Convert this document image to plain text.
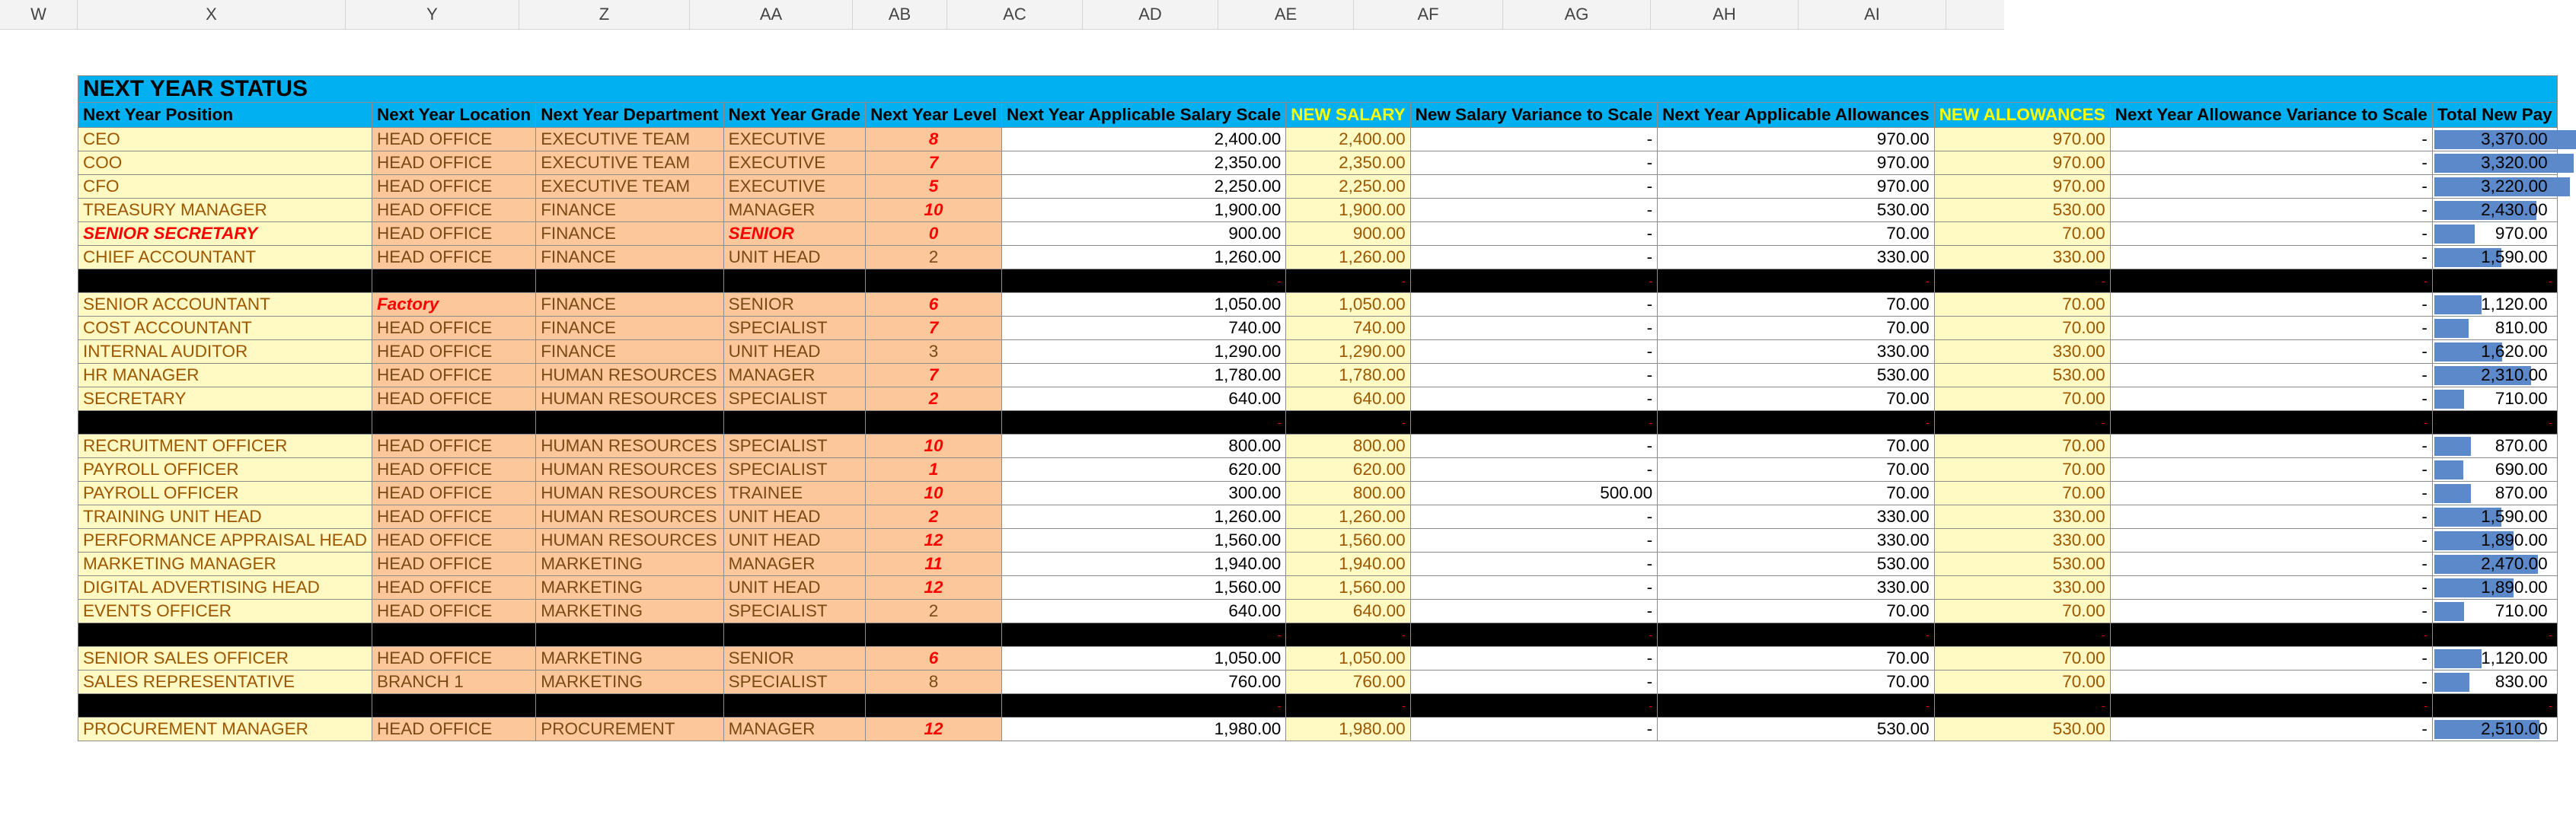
W	X	Y	Z	AA	AB	AC	AD	AE	AF	AG	AH	AI
NEXT YEAR STATUS											
Next Year Position	Next Year Location	Next Year Department	Next Year Grade	Next Year Level	Next Year Applicable Salary Scale	NEW SALARY	New Salary Variance to Scale	Next Year Applicable Allowances	NEW ALLOWANCES	Next Year Allowance Variance to Scale	Total New Pay
CEO	HEAD OFFICE	EXECUTIVE TEAM	EXECUTIVE	8	2,400.00	2,400.00	-	970.00	970.00	-	3,370.00
COO	HEAD OFFICE	EXECUTIVE TEAM	EXECUTIVE	7	2,350.00	2,350.00	-	970.00	970.00	-	3,320.00
CFO	HEAD OFFICE	EXECUTIVE TEAM	EXECUTIVE	5	2,250.00	2,250.00	-	970.00	970.00	-	3,220.00
TREASURY MANAGER	HEAD OFFICE	FINANCE	MANAGER	10	1,900.00	1,900.00	-	530.00	530.00	-	2,430.00
SENIOR SECRETARY	HEAD OFFICE	FINANCE	SENIOR	0	900.00	900.00	-	70.00	70.00	-	970.00
CHIEF ACCOUNTANT	HEAD OFFICE	FINANCE	UNIT HEAD	2	1,260.00	1,260.00	-	330.00	330.00	-	1,590.00
					-	-	-	-	-	-	-
SENIOR ACCOUNTANT	Factory	FINANCE	SENIOR	6	1,050.00	1,050.00	-	70.00	70.00	-	1,120.00
COST ACCOUNTANT	HEAD OFFICE	FINANCE	SPECIALIST	7	740.00	740.00	-	70.00	70.00	-	810.00
INTERNAL AUDITOR	HEAD OFFICE	FINANCE	UNIT HEAD	3	1,290.00	1,290.00	-	330.00	330.00	-	1,620.00
HR MANAGER	HEAD OFFICE	HUMAN RESOURCES	MANAGER	7	1,780.00	1,780.00	-	530.00	530.00	-	2,310.00
SECRETARY	HEAD OFFICE	HUMAN RESOURCES	SPECIALIST	2	640.00	640.00	-	70.00	70.00	-	710.00
					-	-	-	-	-	-	-
RECRUITMENT OFFICER	HEAD OFFICE	HUMAN RESOURCES	SPECIALIST	10	800.00	800.00	-	70.00	70.00	-	870.00
PAYROLL OFFICER	HEAD OFFICE	HUMAN RESOURCES	SPECIALIST	1	620.00	620.00	-	70.00	70.00	-	690.00
PAYROLL OFFICER	HEAD OFFICE	HUMAN RESOURCES	TRAINEE	10	300.00	800.00	500.00	70.00	70.00	-	870.00
TRAINING UNIT HEAD	HEAD OFFICE	HUMAN RESOURCES	UNIT HEAD	2	1,260.00	1,260.00	-	330.00	330.00	-	1,590.00
PERFORMANCE APPRAISAL HEAD	HEAD OFFICE	HUMAN RESOURCES	UNIT HEAD	12	1,560.00	1,560.00	-	330.00	330.00	-	1,890.00
MARKETING MANAGER	HEAD OFFICE	MARKETING	MANAGER	11	1,940.00	1,940.00	-	530.00	530.00	-	2,470.00
DIGITAL ADVERTISING HEAD	HEAD OFFICE	MARKETING	UNIT HEAD	12	1,560.00	1,560.00	-	330.00	330.00	-	1,890.00
EVENTS OFFICER	HEAD OFFICE	MARKETING	SPECIALIST	2	640.00	640.00	-	70.00	70.00	-	710.00
					-	-	-	-	-	-	-
SENIOR SALES OFFICER	HEAD OFFICE	MARKETING	SENIOR	6	1,050.00	1,050.00	-	70.00	70.00	-	1,120.00
SALES REPRESENTATIVE	BRANCH 1	MARKETING	SPECIALIST	8	760.00	760.00	-	70.00	70.00	-	830.00
					-	-	-	-	-	-	-
PROCUREMENT MANAGER	HEAD OFFICE	PROCUREMENT	MANAGER	12	1,980.00	1,980.00	-	530.00	530.00	-	2,510.00
